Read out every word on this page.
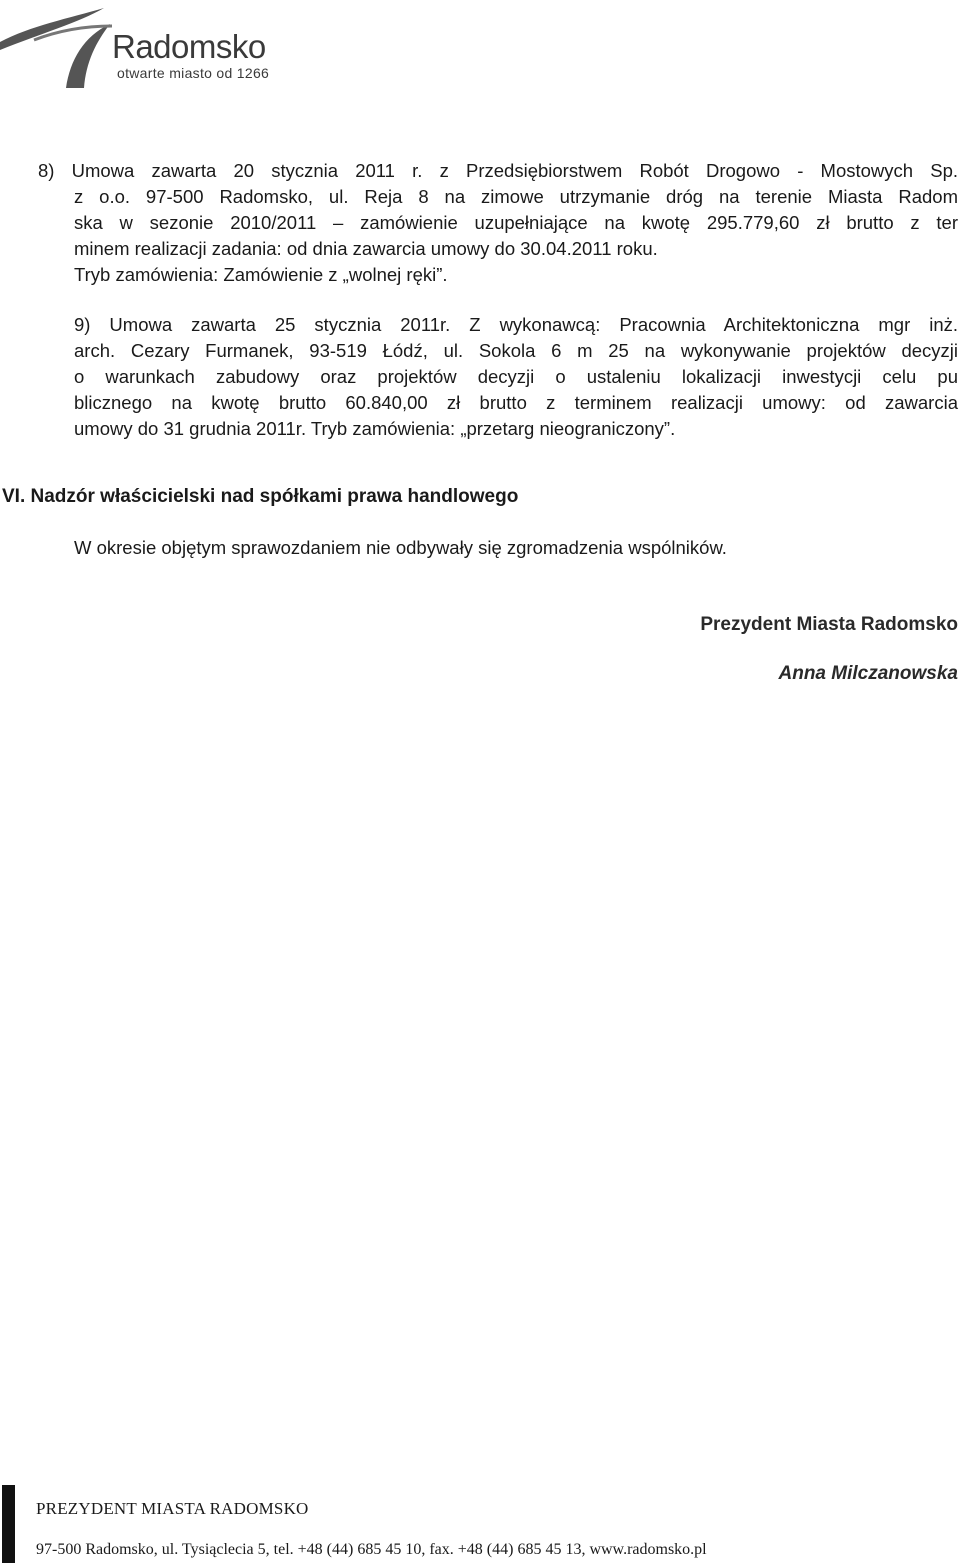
Radomsko
otwarte miasto od 1266
8) Umowa zawarta 20 stycznia 2011 r. z Przedsiębiorstwem Robót Drogowo - Mostowych Sp.
z o.o. 97-500 Radomsko, ul. Reja 8 na zimowe utrzymanie dróg na terenie Miasta Radom
ska w sezonie 2010/2011 – zamówienie uzupełniające na kwotę 295.779,60 zł brutto z ter
minem realizacji zadania: od dnia zawarcia umowy do 30.04.2011 roku.
Tryb zamówienia: Zamówienie z „wolnej ręki”.
9) Umowa zawarta 25 stycznia 2011r. Z wykonawcą: Pracownia Architektoniczna mgr inż.
arch. Cezary Furmanek, 93-519 Łódź, ul. Sokola 6 m 25 na wykonywanie projektów decyzji
o warunkach zabudowy oraz projektów decyzji o ustaleniu lokalizacji inwestycji celu pu
blicznego na kwotę brutto 60.840,00 zł brutto z terminem realizacji umowy: od zawarcia
umowy do 31 grudnia 2011r. Tryb zamówienia: „przetarg nieograniczony”.
VI. Nadzór właścicielski nad spółkami prawa handlowego
W okresie objętym sprawozdaniem nie odbywały się zgromadzenia wspólników.
Prezydent Miasta Radomsko
Anna Milczanowska
PREZYDENT MIASTA RADOMSKO
97-500 Radomsko, ul. Tysiąclecia 5, tel. +48 (44) 685 45 10, fax. +48 (44) 685 45 13, www.radomsko.pl
